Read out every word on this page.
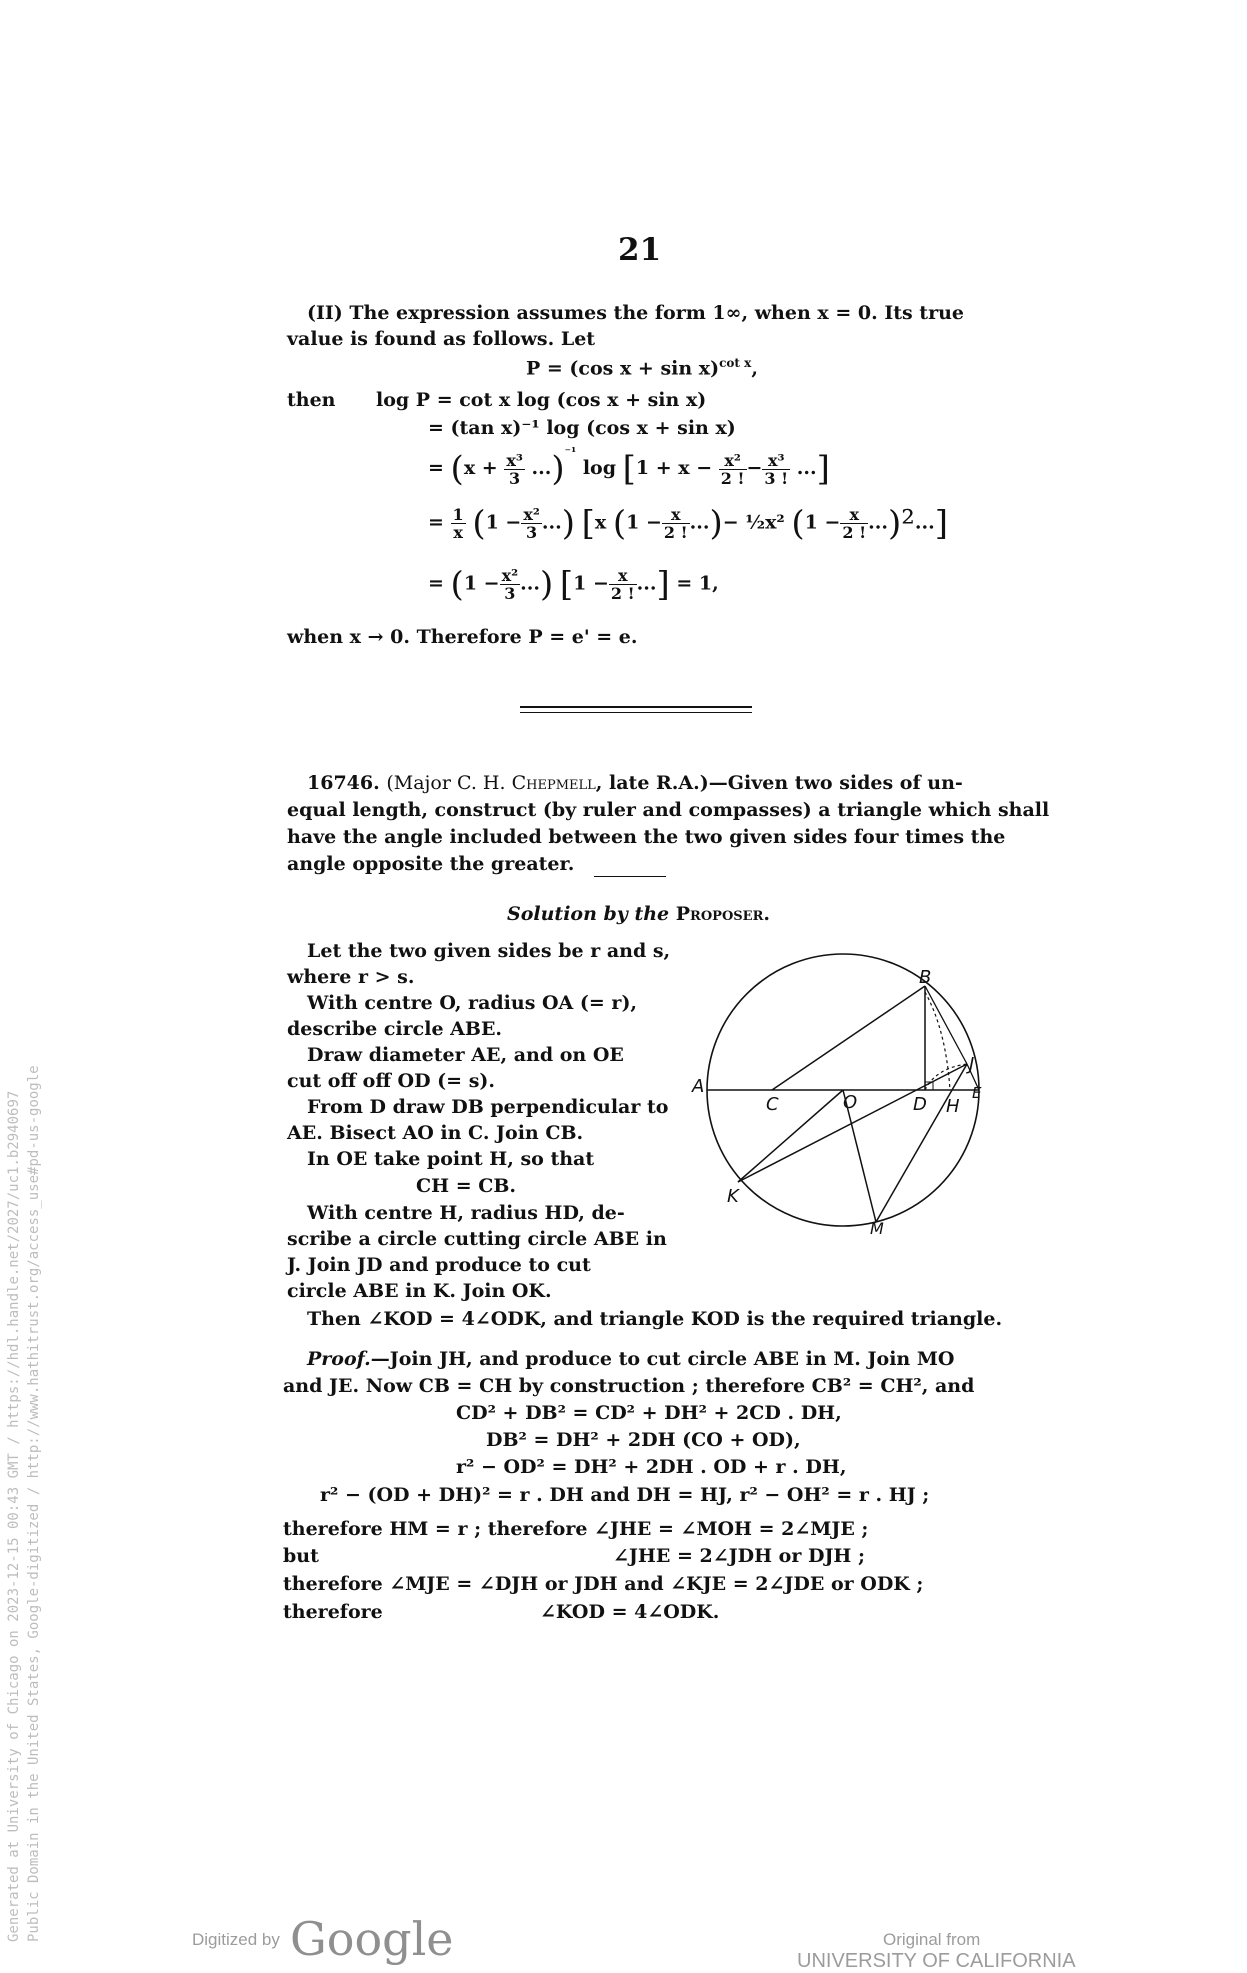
Generated at University of Chicago on 2023-12-15 00:43 GMT / https://hdl.handle.net/2027/uc1.b2940697 Public Domain in the United States, Google-digitized / http://www.hathitrust.org/access_use#pd-us-google
21
(II) The expression assumes the form 1∞, when x = 0. Its true
value is found as follows. Let
P = (cos x + sin x)$^{cot x}$,
then log P = cot x log (cos x + sin x)
= (tan x)⁻¹ log (cos x + sin x)
= $(x + \frac{\text{x³}}{3} ...)^{^{-1}}$ $\log [1 + x - \frac{\text{x²}}{2 !} - \frac{\text{x³}}{3 !}$ ...]
= $\frac{1}{x} (1 - \frac{\text{x²}}{3}$ ...) [x ($1 - \frac{x}{2 !}$ ...)− ½x² $(1 - \frac{x}{2 !} ...)^2$...]
= ($1 - \frac{\text{x²}}{3}$ ...) [$1 - \frac{x}{2 !}$ ...] = 1,
when x → 0. Therefore P = e' = e.
16746. (Major C. H. Chepmell, late R.A.)—Given two sides of un-
equal length, construct (by ruler and compasses) a triangle which shall
have the angle included between the two given sides four times the
angle opposite the greater.
Solution by the Proposer.
Let the two given sides be r and s,
where r > s.
With centre O, radius OA (= r),
describe circle ABE.
Draw diameter AE, and on OE
cut off off OD (= s).
From D draw DB perpendicular to
AE. Bisect AO in C. Join CB.
In OE take point H, so that
CH = CB.
With centre H, radius HD, de-
scribe a circle cutting circle ABE in
J. Join JD and produce to cut
circle ABE in K. Join OK.
Then ∠KOD = 4∠ODK, and triangle KOD is the required triangle.
A
B
C	O	D H
J
E
K
M
Proof.—Join JH, and produce to cut circle ABE in M. Join MO
and JE. Now CB = CH by construction ; therefore CB² = CH², and
CD² + DB² = CD² + DH² + 2CD . DH,
DB² = DH² + 2DH (CO + OD),
r² − OD² = DH² + 2DH . OD + r . DH,
r² − (OD + DH)² = r . DH and DH = HJ, r² − OH² = r . HJ ;
therefore HM = r ; therefore ∠JHE = ∠MOH = 2∠MJE ;
but	∠JHE = 2∠JDH or DJH ;
therefore ∠MJE = ∠DJH or JDH and ∠KJE = 2∠JDE or ODK ;
therefore	∠KOD = 4∠ODK.
Digitized by Google	Original from
UNIVERSITY OF CALIFORNIA
